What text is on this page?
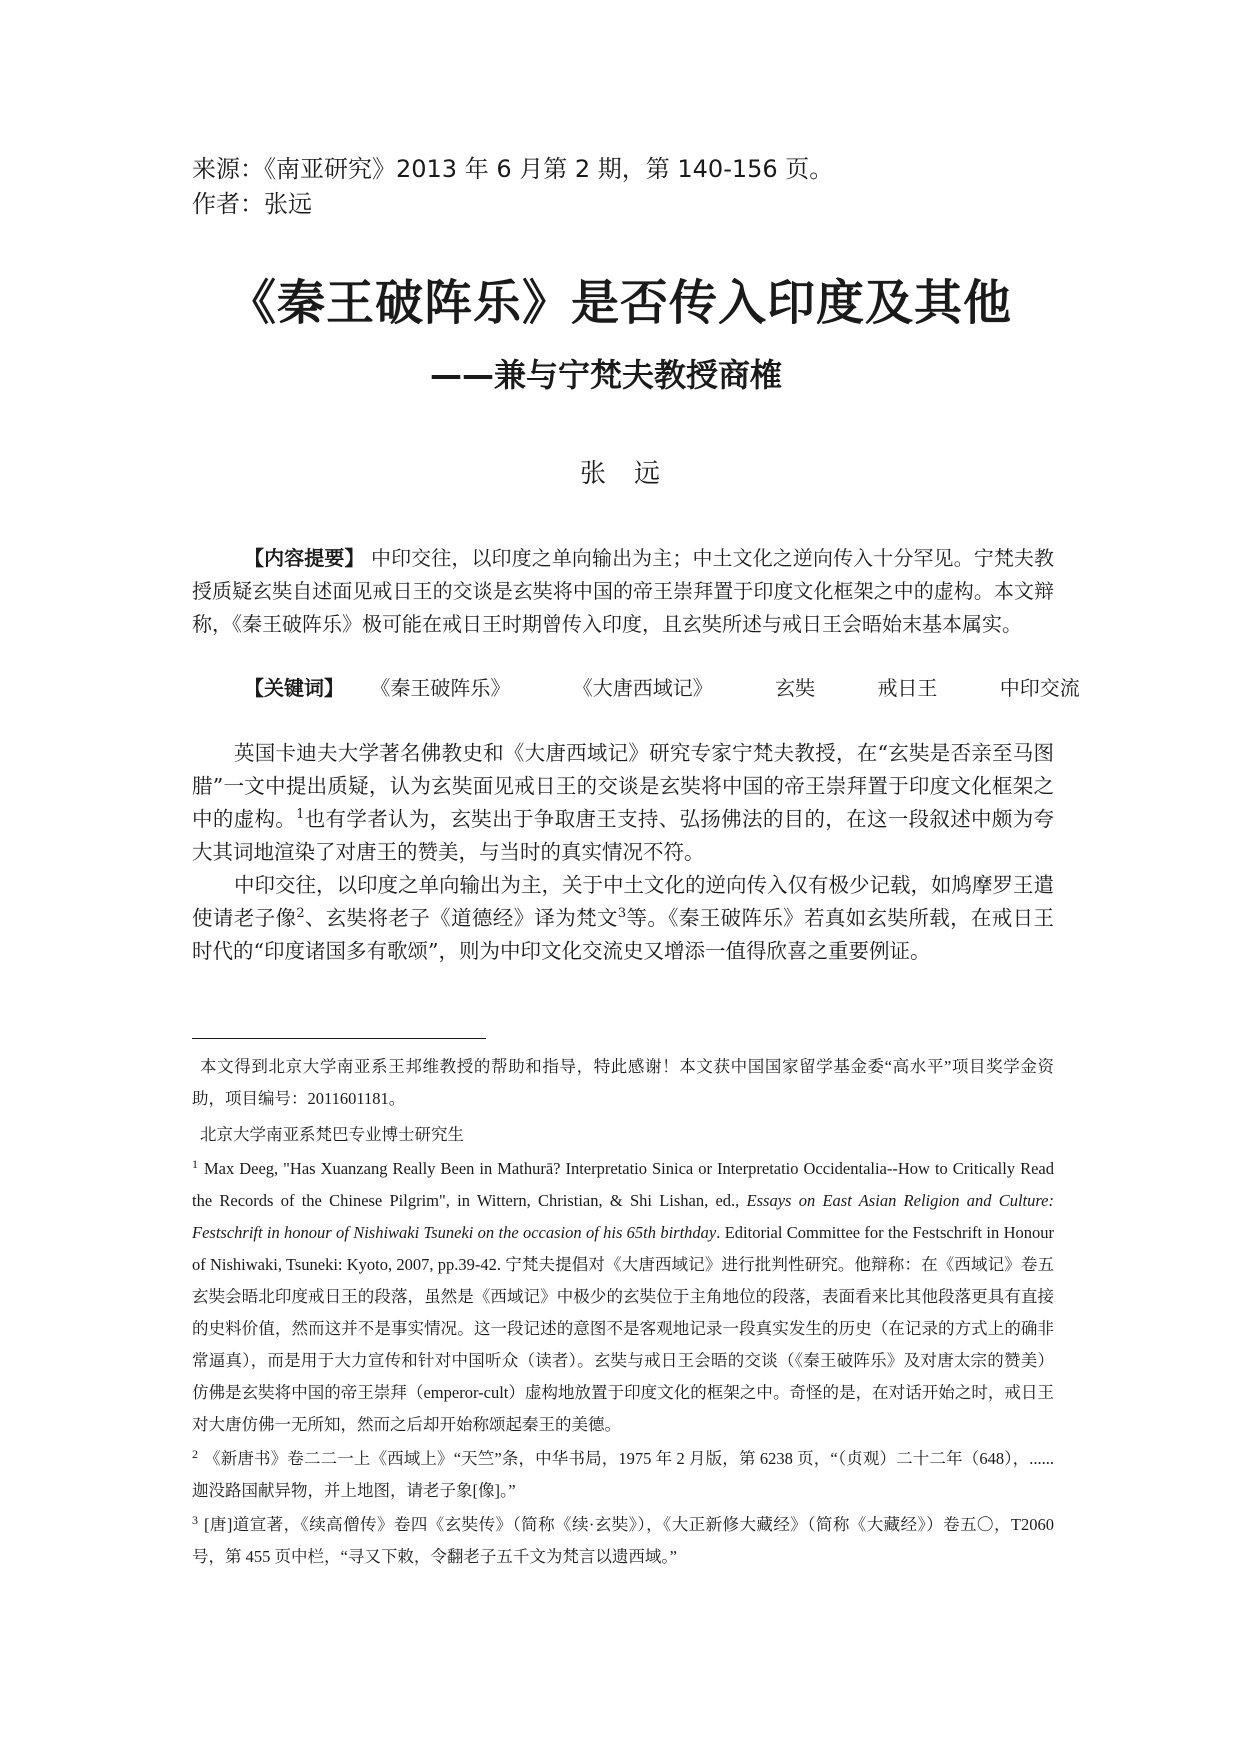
来源：《南亚研究》2013 年 6 月第 2 期，第 140-156 页。
作者：张远
《秦王破阵乐》是否传入印度及其他
——兼与宁梵夫教授商榷
张远
【内容提要】 中印交往，以印度之单向输出为主；中土文化之逆向传入十分罕见。宁梵夫教授质疑玄奘自述面见戒日王的交谈是玄奘将中国的帝王崇拜置于印度文化框架之中的虚构。本文辩称，《秦王破阵乐》极可能在戒日王时期曾传入印度，且玄奘所述与戒日王会晤始末基本属实。
【关键词】 《秦王破阵乐》	《大唐西域记》	玄奘	戒日王	中印交流

英国卡迪夫大学著名佛教史和《大唐西域记》研究专家宁梵夫教授，在“玄奘是否亲至马图腊”一文中提出质疑，认为玄奘面见戒日王的交谈是玄奘将中国的帝王崇拜置于印度文化框架之中的虚构。$^1$也有学者认为，玄奘出于争取唐王支持、弘扬佛法的目的，在这一段叙述中颇为夸大其词地渲染了对唐王的赞美，与当时的真实情况不符。

中印交往，以印度之单向输出为主，关于中土文化的逆向传入仅有极少记载，如鸠摩罗王遣使请老子像$^2$、玄奘将老子《道德经》译为梵文$^3$等。《秦王破阵乐》若真如玄奘所载，在戒日王时代的“印度诸国多有歌颂”，则为中印文化交流史又增添一值得欣喜之重要例证。

本文得到北京大学南亚系王邦维教授的帮助和指导，特此感谢！本文获中国国家留学基金委“高水平”项目奖学金资助，项目编号：2011601181。

北京大学南亚系梵巴专业博士研究生

$^1$ Max Deeg, "Has Xuanzang Really Been in Mathurā? Interpretatio Sinica or Interpretatio Occidentalia--How to Critically Read the Records of the Chinese Pilgrim", in Wittern, Christian, & Shi Lishan, ed., Essays on East Asian Religion and Culture: Festschrift in honour of Nishiwaki Tsuneki on the occasion of his 65th birthday. Editorial Committee for the Festschrift in Honour of Nishiwaki, Tsuneki: Kyoto, 2007, pp.39-42. 宁梵夫提倡对《大唐西域记》进行批判性研究。他辩称：在《西域记》卷五玄奘会晤北印度戒日王的段落，虽然是《西域记》中极少的玄奘位于主角地位的段落，表面看来比其他段落更具有直接的史料价值，然而这并不是事实情况。这一段记述的意图不是客观地记录一段真实发生的历史（在记录的方式上的确非常逼真），而是用于大力宣传和针对中国听众（读者）。玄奘与戒日王会晤的交谈（《秦王破阵乐》及对唐太宗的赞美）仿佛是玄奘将中国的帝王崇拜（emperor-cult）虚构地放置于印度文化的框架之中。奇怪的是，在对话开始之时，戒日王对大唐仿佛一无所知，然而之后却开始称颂起秦王的美德。

$^2$ 《新唐书》卷二二一上《西域上》“天竺”条，中华书局，1975 年 2 月版，第 6238 页，“（贞观）二十二年（648），......迦没路国献异物，并上地图，请老子象[像]。”

$^3$ [唐]道宣著，《续高僧传》卷四《玄奘传》（简称《续·玄奘》），《大正新修大藏经》（简称《大藏经》）卷五〇，T2060 号，第 455 页中栏，“寻又下敕，令翻老子五千文为梵言以遗西域。”
